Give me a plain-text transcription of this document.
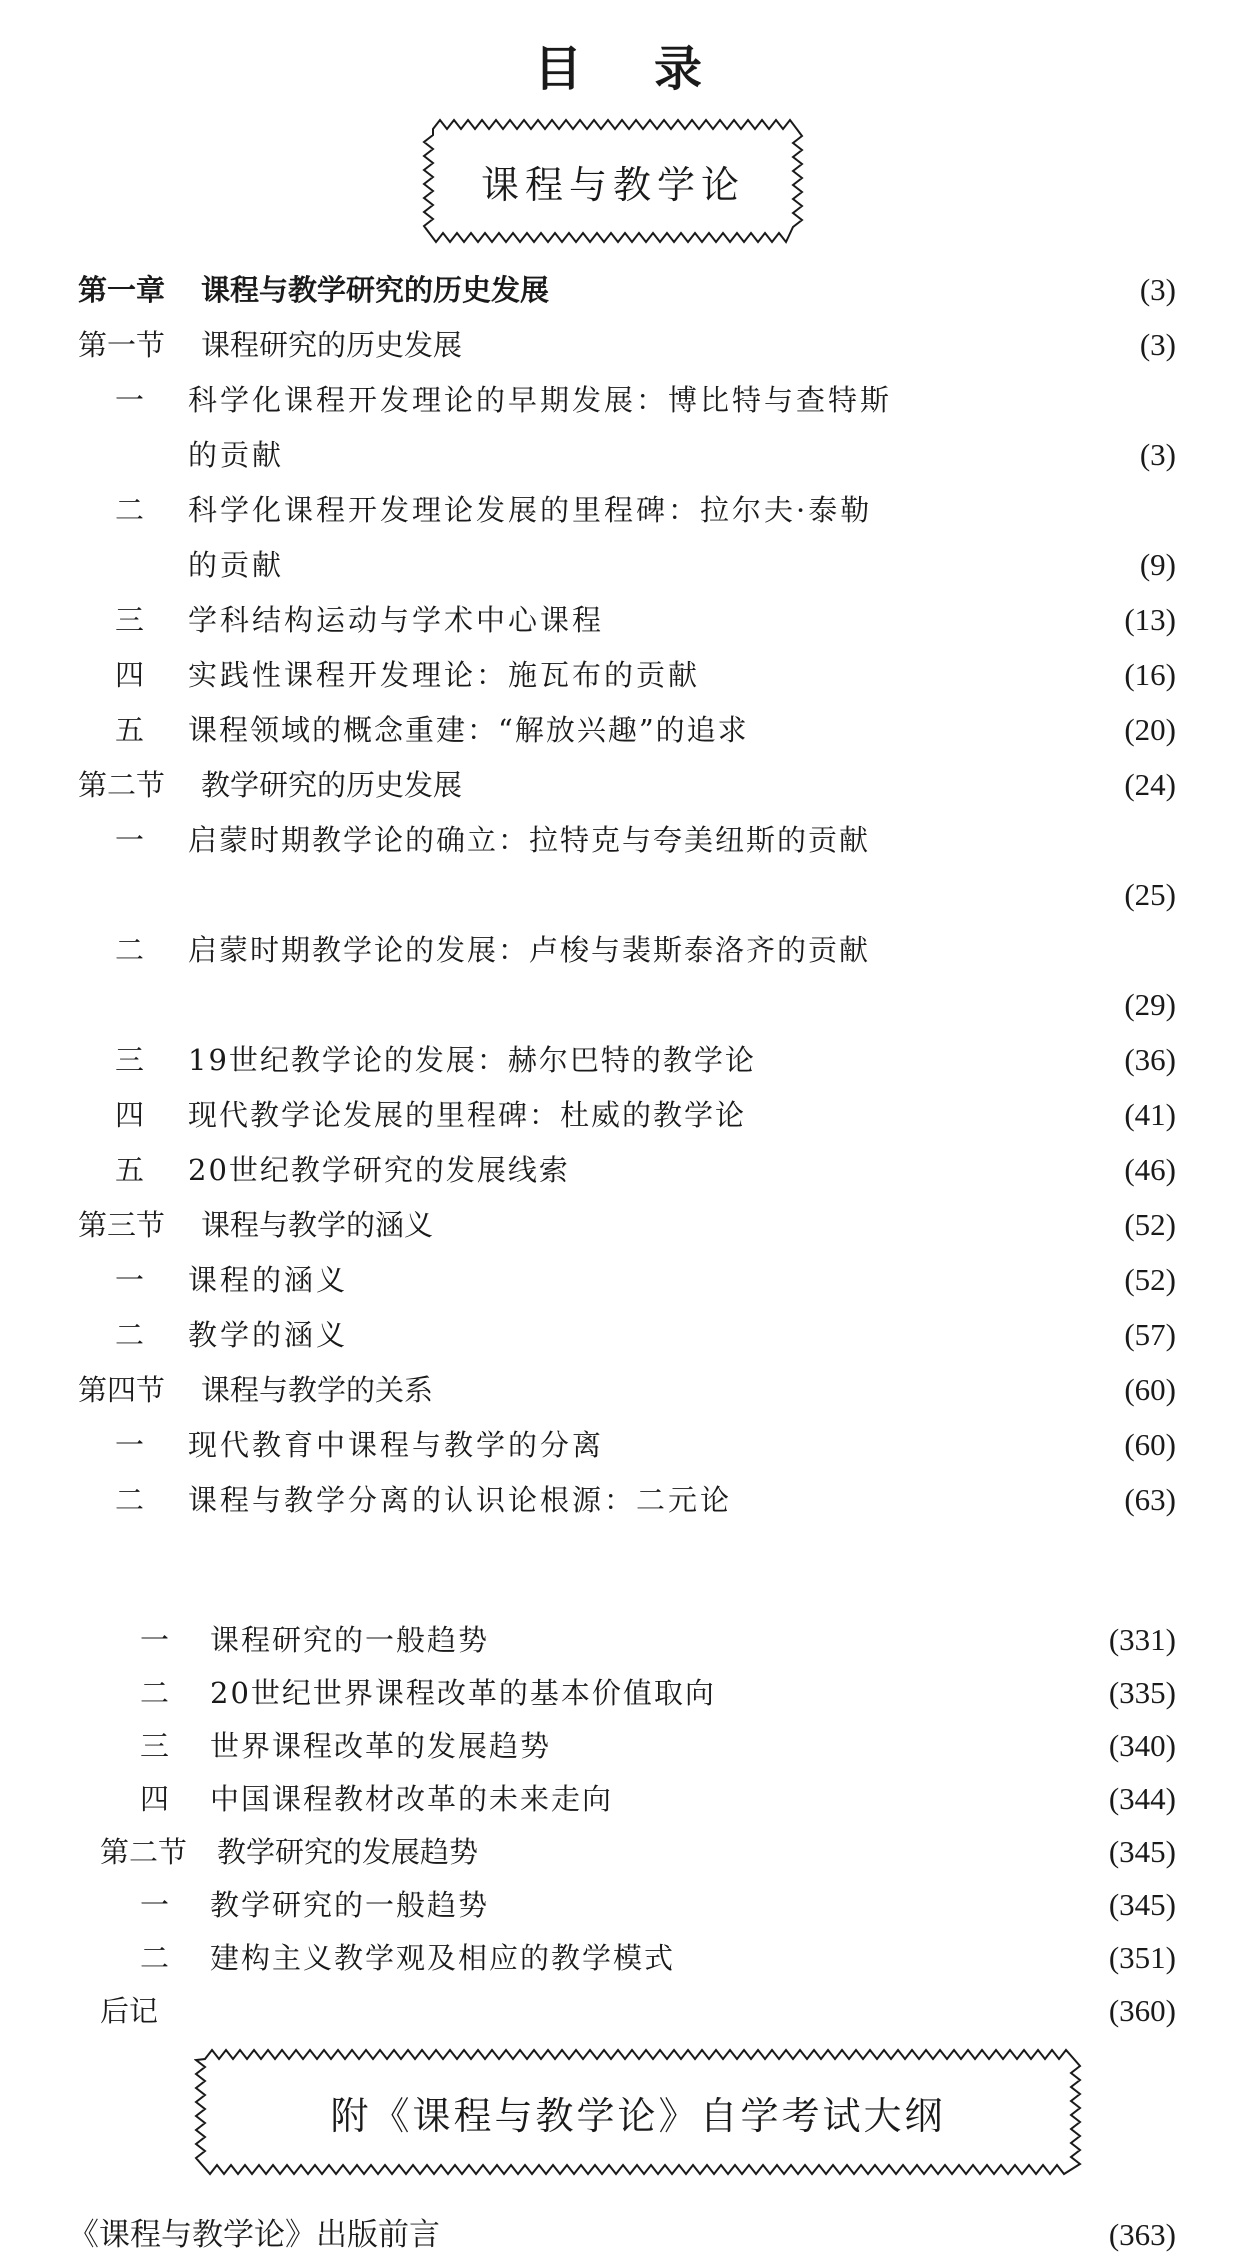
目 录
课程与教学论
第一章 课程与教学研究的历史发展	(3)
第一节 课程研究的历史发展	(3)
一	科学化课程开发理论的早期发展：博比特与查特斯
的贡献	(3)
二	科学化课程开发理论发展的里程碑：拉尔夫·泰勒
的贡献	(9)
三	学科结构运动与学术中心课程	(13)
四	实践性课程开发理论：施瓦布的贡献	(16)
五	课程领域的概念重建：“解放兴趣”的追求	(20)
第二节 教学研究的历史发展	(24)
一	启蒙时期教学论的确立：拉特克与夸美纽斯的贡献
(25)
二	启蒙时期教学论的发展：卢梭与裴斯泰洛齐的贡献
(29)
三	19世纪教学论的发展：赫尔巴特的教学论	(36)
四	现代教学论发展的里程碑：杜威的教学论	(41)
五	20世纪教学研究的发展线索	(46)
第三节 课程与教学的涵义	(52)
一	课程的涵义	(52)
二	教学的涵义	(57)
第四节 课程与教学的关系	(60)
一	现代教育中课程与教学的分离	(60)
二	课程与教学分离的认识论根源：二元论	(63)
一	课程研究的一般趋势	(331)
二	20世纪世界课程改革的基本价值取向	(335)
三	世界课程改革的发展趋势	(340)
四	中国课程教材改革的未来走向	(344)
第二节 教学研究的发展趋势	(345)
一	教学研究的一般趋势	(345)
二	建构主义教学观及相应的教学模式	(351)
后记	(360)
附《课程与教学论》自学考试大纲
《课程与教学论》出版前言	(363)
